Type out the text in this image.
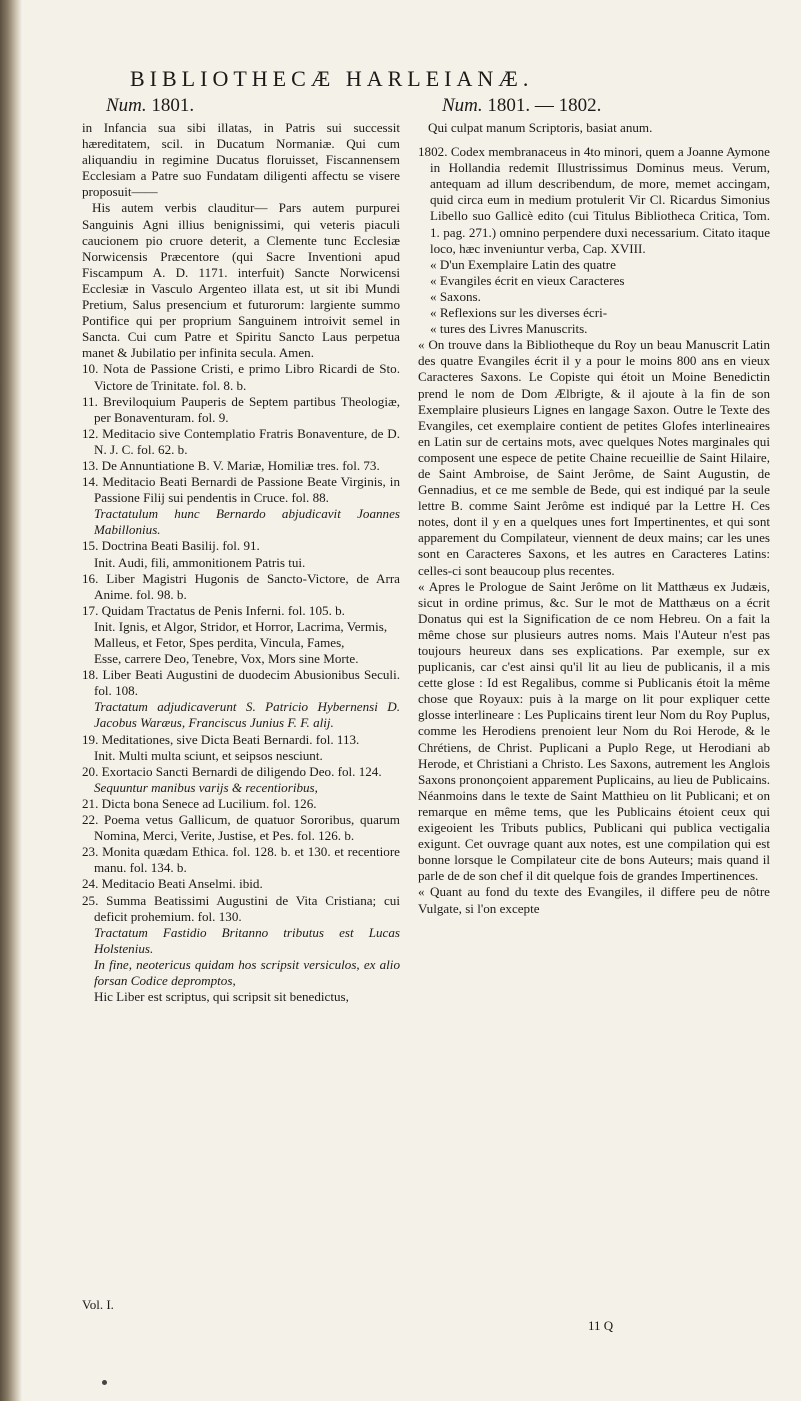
BIBLIOTHECÆ HARLEIANÆ.
Num. 1801.

in Infancia sua sibi illatas, in Patris sui successit hæreditatem, scil. in Ducatum Normaniæ. Qui cum aliquandiu in regimine Ducatus floruisset, Fiscannensem Ecclesiam a Patre suo Fundatam diligenti affectu se visere proposuit——

His autem verbis clauditur— Pars autem purpurei Sanguinis Agni illius benignissimi, qui veteris piaculi caucionem pio cruore deterit, a Clemente tunc Ecclesiæ Norwicensis Præcentore (qui Sacre Inventioni apud Fiscampum A. D. 1171. interfuit) Sancte Norwicensi Ecclesiæ in Vasculo Argenteo illata est, ut sit ibi Mundi Pretium, Salus presencium et futurorum: largiente summo Pontifice qui per proprium Sanguinem introivit semel in Sancta. Cui cum Patre et Spiritu Sancto Laus perpetua manet & Jubilatio per infinita secula. Amen.

10. Nota de Passione Cristi, e primo Libro Ricardi de Sto. Victore de Trinitate. fol. 8. b.

11. Breviloquium Pauperis de Septem partibus Theologiæ, per Bonaventuram. fol. 9.

12. Meditacio sive Contemplatio Fratris Bonaventure, de D. N. J. C. fol. 62. b.

13. De Annuntiatione B. V. Mariæ, Homiliæ tres. fol. 73.

14. Meditacio Beati Bernardi de Passione Beate Virginis, in Passione Filij sui pendentis in Cruce. fol. 88.

Tractatulum hunc Bernardo abjudicavit Joannes Mabillonius.

15. Doctrina Beati Basilij. fol. 91.

Init. Audi, fili, ammonitionem Patris tui.

16. Liber Magistri Hugonis de Sancto-Victore, de Arra Anime. fol. 98. b.

17. Quidam Tractatus de Penis Inferni. fol. 105. b.

Init. Ignis, et Algor, Stridor, et Horror, Lacrima, Vermis,

Malleus, et Fetor, Spes perdita, Vincula, Fames,

Esse, carrere Deo, Tenebre, Vox, Mors sine Morte.

18. Liber Beati Augustini de duodecim Abusionibus Seculi. fol. 108.

Tractatum adjudicaverunt S. Patricio Hybernensi D. Jacobus Waræus, Franciscus Junius F. F. alij.

19. Meditationes, sive Dicta Beati Bernardi. fol. 113.

Init. Multi multa sciunt, et seipsos nesciunt.

20. Exortacio Sancti Bernardi de diligendo Deo. fol. 124.

Sequuntur manibus varijs & recentioribus,

21. Dicta bona Senece ad Lucilium. fol. 126.

22. Poema vetus Gallicum, de quatuor Sororibus, quarum Nomina, Merci, Verite, Justise, et Pes. fol. 126. b.

23. Monita quædam Ethica. fol. 128. b. et 130. et recentiore manu. fol. 134. b.

24. Meditacio Beati Anselmi. ibid.

25. Summa Beatissimi Augustini de Vita Cristiana; cui deficit prohemium. fol. 130.

Tractatum Fastidio Britanno tributus est Lucas Holstenius.

In fine, neotericus quidam hos scripsit versiculos, ex alio forsan Codice depromptos,

Hic Liber est scriptus, qui scripsit sit benedictus,

Vol. I.
Num. 1801. — 1802.

Qui culpat manum Scriptoris, basiat anum.

1802. Codex membranaceus in 4to minori, quem a Joanne Aymone in Hollandia redemit Illustrissimus Dominus meus. Verum, antequam ad illum describendum, de more, memet accingam, quid circa eum in medium protulerit Vir Cl. Ricardus Simonius Libello suo Gallicè edito (cui Titulus Bibliotheca Critica, Tom. 1. pag. 271.) omnino perpendere duxi necessarium. Citato itaque loco, hæc inveniuntur verba, Cap. XVIII.

« D'un Exemplaire Latin des quatre

« Evangiles écrit en vieux Caracteres

« Saxons.

« Reflexions sur les diverses écri-

« tures des Livres Manuscrits.

« On trouve dans la Bibliotheque du Roy un beau Manuscrit Latin des quatre Evangiles écrit il y a pour le moins 800 ans en vieux Caracteres Saxons. Le Copiste qui étoit un Moine Benedictin prend le nom de Dom Ælbrigte, & il ajoute à la fin de son Exemplaire plusieurs Lignes en langage Saxon. Outre le Texte des Evangiles, cet exemplaire contient de petites Glofes interlineaires en Latin sur de certains mots, avec quelques Notes marginales qui composent une espece de petite Chaine recueillie de Saint Hilaire, de Saint Ambroise, de Saint Jerôme, de Saint Augustin, de Gennadius, et ce me semble de Bede, qui est indiqué par la seule lettre B. comme Saint Jerôme est indiqué par la Lettre H. Ces notes, dont il y en a quelques unes fort Impertinentes, et qui sont apparement du Compilateur, viennent de deux mains; car les unes sont en Caracteres Saxons, et les autres en Caracteres Latins: celles-ci sont beaucoup plus recentes.

« Apres le Prologue de Saint Jerôme on lit Matthæus ex Judæis, sicut in ordine primus, &c. Sur le mot de Matthæus on a écrit Donatus qui est la Signification de ce nom Hebreu. On a fait la même chose sur plusieurs autres noms. Mais l'Auteur n'est pas toujours heureux dans ses explications. Par exemple, sur ex puplicanis, car c'est ainsi qu'il lit au lieu de publicanis, il a mis cette glose : Id est Regalibus, comme si Publicanis étoit la même chose que Royaux: puis à la marge on lit pour expliquer cette glosse interlineare : Les Puplicains tirent leur Nom du Roy Puplus, comme les Herodiens prenoient leur Nom du Roi Herode, & le Chrétiens, de Christ. Puplicani a Puplo Rege, ut Herodiani ab Herode, et Christiani a Christo. Les Saxons, autrement les Anglois Saxons prononçoient apparement Puplicains, au lieu de Publicains. Néanmoins dans le texte de Saint Matthieu on lit Publicani; et on remarque en même tems, que les Publicains étoient ceux qui exigeoient les Tributs publics, Publicani qui publica vectigalia exigunt. Cet ouvrage quant aux notes, est une compilation qui est bonne lorsque le Compilateur cite de bons Auteurs; mais quand il parle de de son chef il dit quelque fois de grandes Impertinences.

« Quant au fond du texte des Evangiles, il differe peu de nôtre Vulgate, si l'on excepte

11 Q
